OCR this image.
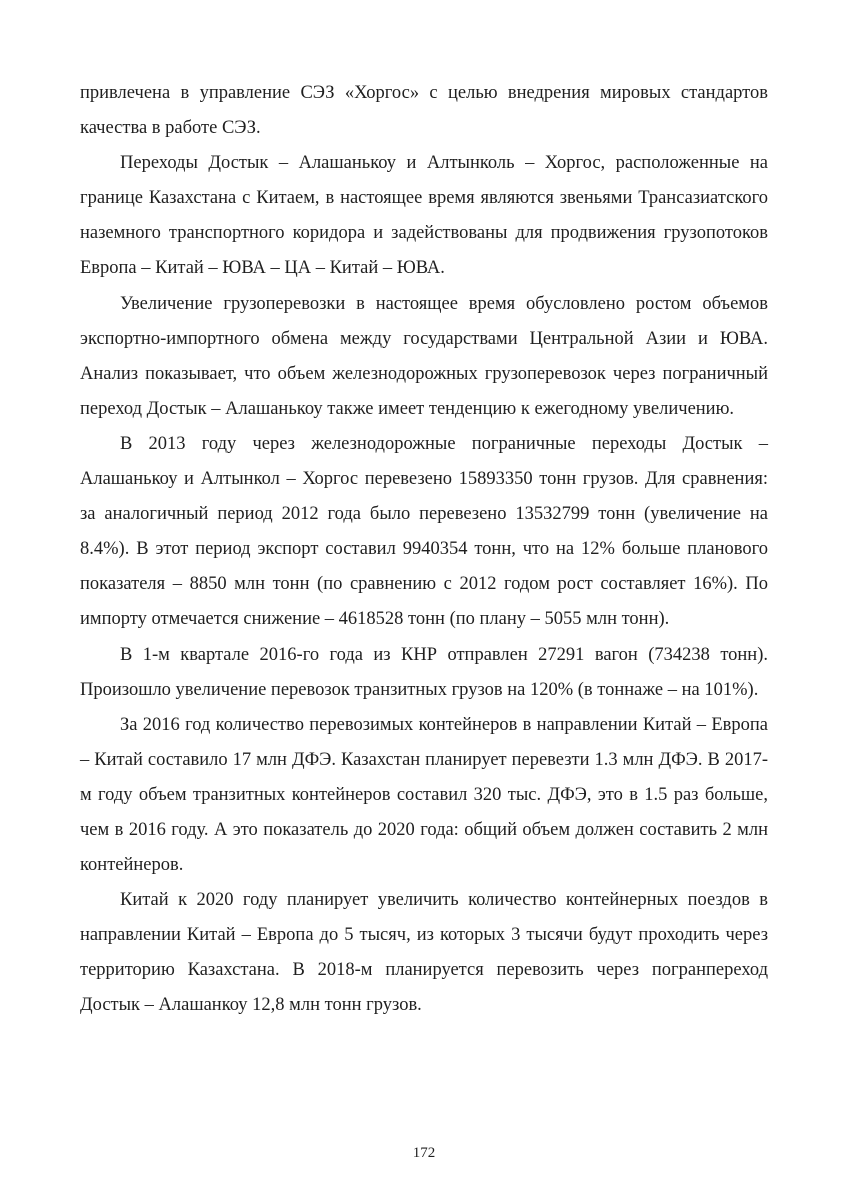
привлечена в управление СЭЗ «Хоргос» с целью внедрения мировых стандартов качества в работе СЭЗ.

Переходы Достык – Алашанькоу и Алтынколь – Хоргос, расположенные на границе Казахстана с Китаем, в настоящее время являются звеньями Трансазиатского наземного транспортного коридора и задействованы для продвижения грузопотоков Европа – Китай – ЮВА – ЦА – Китай – ЮВА.

Увеличение грузоперевозки в настоящее время обусловлено ростом объемов экспортно-импортного обмена между государствами Центральной Азии и ЮВА. Анализ показывает, что объем железнодорожных грузоперевозок через пограничный переход Достык – Алашанькоу также имеет тенденцию к ежегодному увеличению.

В 2013 году через железнодорожные пограничные переходы Достык – Алашанькоу и Алтынкол – Хоргос перевезено 15893350 тонн грузов. Для сравнения: за аналогичный период 2012 года было перевезено 13532799 тонн (увеличение на 8.4%). В этот период экспорт составил 9940354 тонн, что на 12% больше планового показателя – 8850 млн тонн (по сравнению с 2012 годом рост составляет 16%). По импорту отмечается снижение – 4618528 тонн (по плану – 5055 млн тонн).

В 1-м квартале 2016-го года из КНР отправлен 27291 вагон (734238 тонн). Произошло увеличение перевозок транзитных грузов на 120% (в тоннаже – на 101%).

За 2016 год количество перевозимых контейнеров в направлении Китай – Европа – Китай составило 17 млн ДФЭ. Казахстан планирует перевезти 1.3 млн ДФЭ. В 2017-м году объем транзитных контейнеров составил 320 тыс. ДФЭ, это в 1.5 раз больше, чем в 2016 году. А это показатель до 2020 года: общий объем должен составить 2 млн контейнеров.

Китай к 2020 году планирует увеличить количество контейнерных поездов в направлении Китай – Европа до 5 тысяч, из которых 3 тысячи будут проходить через территорию Казахстана. В 2018-м планируется перевозить через погранпереход Достык – Алашанкоу 12,8 млн тонн грузов.

172
